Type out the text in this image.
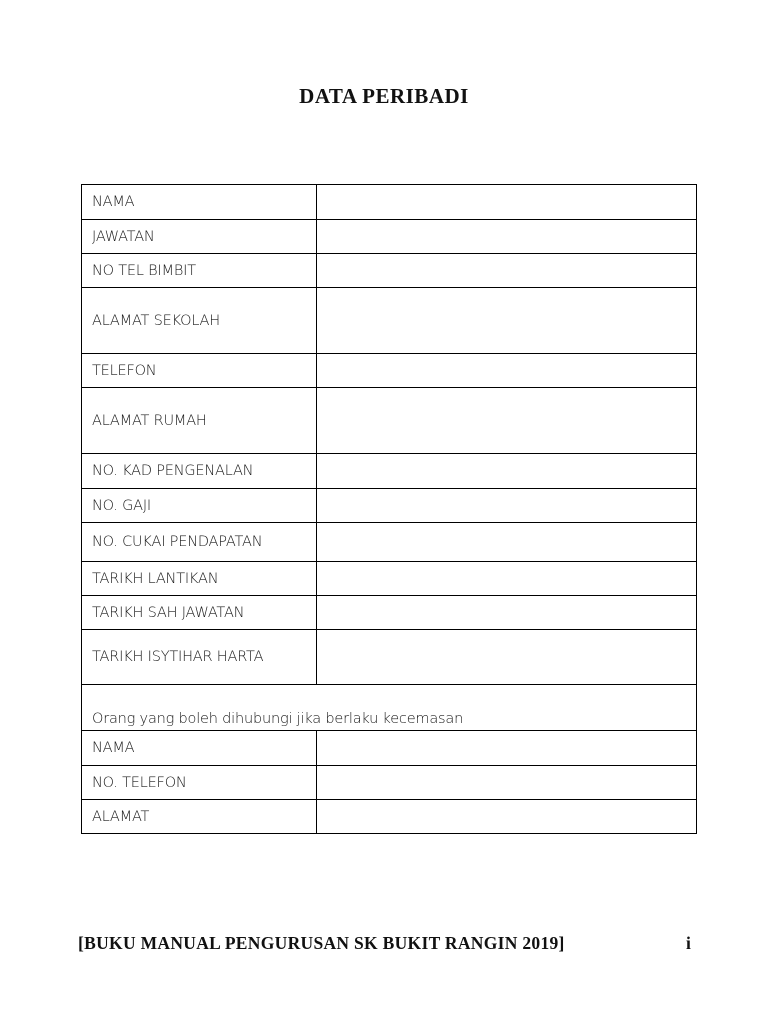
DATA PERIBADI
NAMA	
JAWATAN	
NO TEL BIMBIT	
ALAMAT SEKOLAH	
TELEFON	
ALAMAT RUMAH	
NO. KAD PENGENALAN	
NO. GAJI	
NO. CUKAI PENDAPATAN	
TARIKH LANTIKAN	
TARIKH SAH JAWATAN	
TARIKH ISYTIHAR HARTA	
Orang yang boleh dihubungi jika berlaku kecemasan	
NAMA	
NO. TELEFON	
ALAMAT	
[BUKU MANUAL PENGURUSAN SK BUKIT RANGIN 2019]	i
